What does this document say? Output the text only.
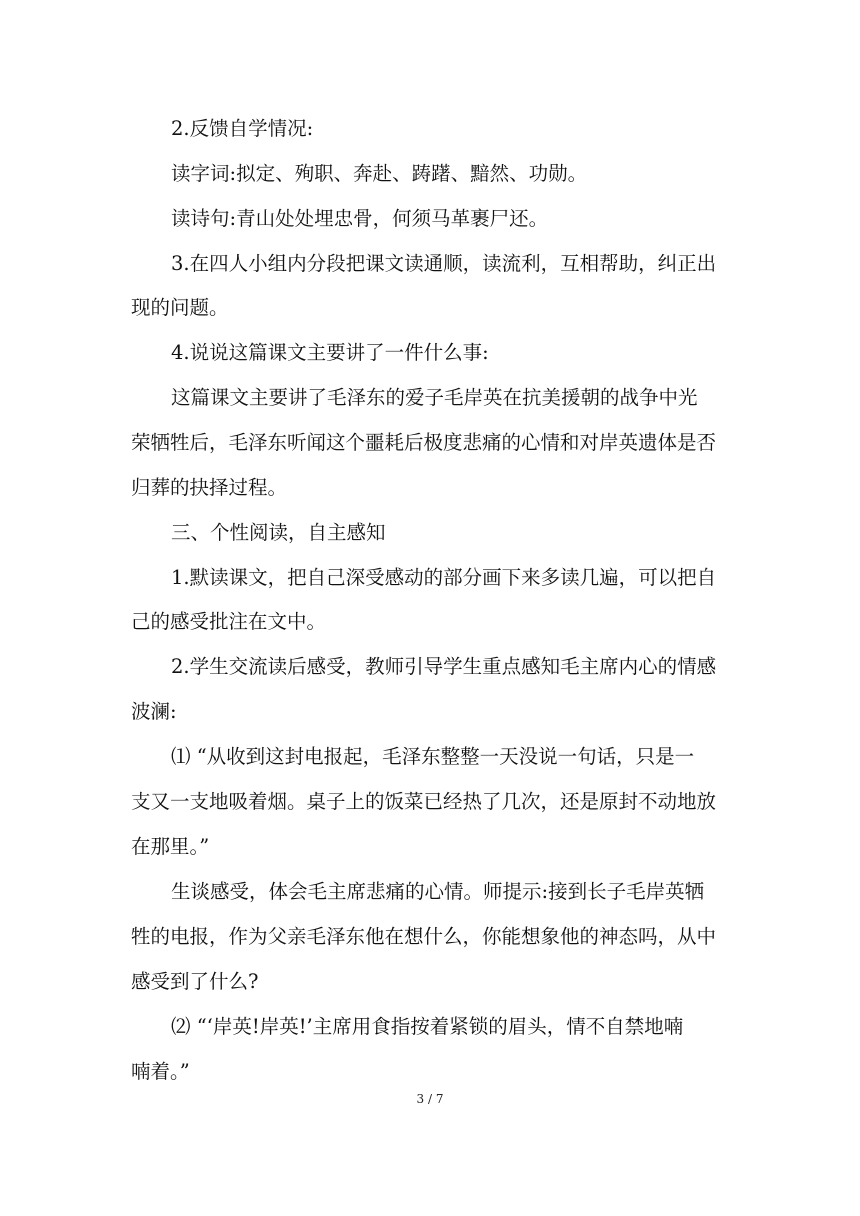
2.反馈自学情况:
读字词:拟定、殉职、奔赴、踌躇、黯然、功勋。
读诗句:青山处处埋忠骨，何须马革裹尸还。
3.在四人小组内分段把课文读通顺，读流利，互相帮助，纠正出
现的问题。
4.说说这篇课文主要讲了一件什么事:
这篇课文主要讲了毛泽东的爱子毛岸英在抗美援朝的战争中光
荣牺牲后，毛泽东听闻这个噩耗后极度悲痛的心情和对岸英遗体是否
归葬的抉择过程。
三、个性阅读，自主感知
1.默读课文，把自己深受感动的部分画下来多读几遍，可以把自
己的感受批注在文中。
2.学生交流读后感受，教师引导学生重点感知毛主席内心的情感
波澜:
⑴ “从收到这封电报起，毛泽东整整一天没说一句话，只是一
支又一支地吸着烟。桌子上的饭菜已经热了几次，还是原封不动地放
在那里。”
生谈感受，体会毛主席悲痛的心情。师提示:接到长子毛岸英牺
牲的电报，作为父亲毛泽东他在想什么，你能想象他的神态吗，从中
感受到了什么?
⑵ “‘岸英!岸英!’主席用食指按着紧锁的眉头，情不自禁地喃
喃着。”
3 / 7
